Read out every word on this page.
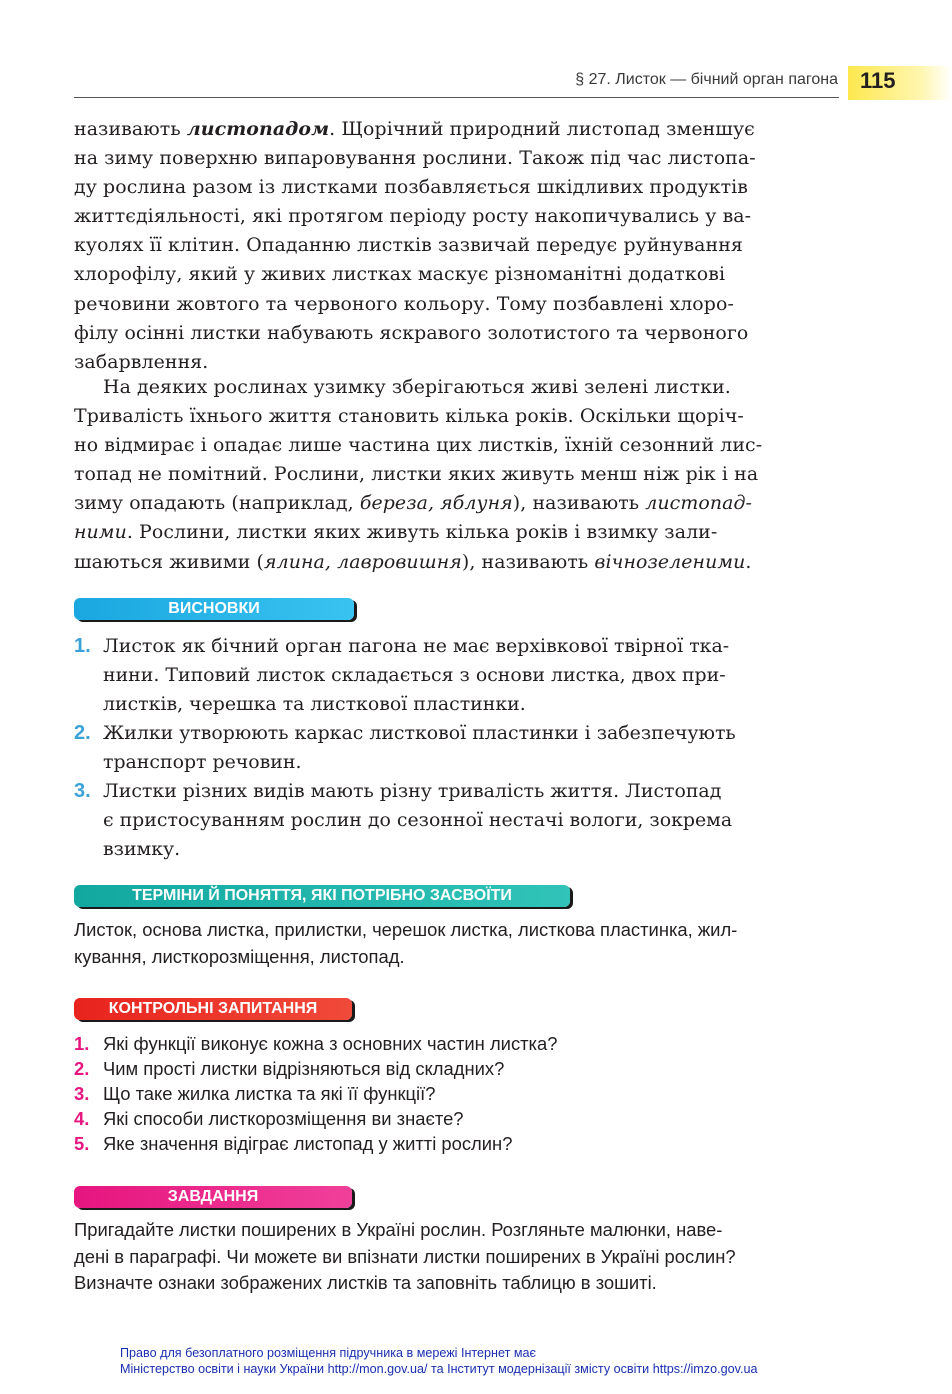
§ 27. Листок — бічний орган пагона 115
називають листопадом. Щорічний природний листопад зменшує
на зиму поверхню випаровування рослини. Також під час листопа-
ду рослина разом із листками позбавляється шкідливих продуктів
життєдіяльності, які протягом періоду росту накопичувались у ва-
куолях її клітин. Опаданню листків зазвичай передує руйнування
хлорофілу, який у живих листках маскує різноманітні додаткові
речовини жовтого та червоного кольору. Тому позбавлені хлоро-
філу осінні листки набувають яскравого золотистого та червоного
забарвлення.
На деяких рослинах узимку зберігаються живі зелені листки.
Тривалість їхнього життя становить кілька років. Оскільки щоріч-
но відмирає і опадає лише частина цих листків, їхній сезонний лис-
топад не помітний. Рослини, листки яких живуть менш ніж рік і на
зиму опадають (наприклад, береза, яблуня), називають листопад-
ними. Рослини, листки яких живуть кілька років і взимку зали-
шаються живими (ялина, лавровишня), називають вічнозеленими.
ВИСНОВКИ
1. Листок як бічний орган пагона не має верхівкової твірної тка-
нини. Типовий листок складається з основи листка, двох при-
листків, черешка та листкової пластинки.
2. Жилки утворюють каркас листкової пластинки і забезпечують
транспорт речовин.
3. Листки різних видів мають різну тривалість життя. Листопад
є пристосуванням рослин до сезонної нестачі вологи, зокрема
взимку.
ТЕРМІНИ Й ПОНЯТТЯ, ЯКІ ПОТРІБНО ЗАСВОЇТИ
Листок, основа листка, прилистки, черешок листка, листкова пластинка, жил-
кування, листкорозміщення, листопад.
КОНТРОЛЬНІ ЗАПИТАННЯ
1. Які функції виконує кожна з основних частин листка?
2. Чим прості листки відрізняються від складних?
3. Що таке жилка листка та які її функції?
4. Які способи листкорозміщення ви знаєте?
5. Яке значення відіграє листопад у житті рослин?
ЗАВДАННЯ
Пригадайте листки поширених в Україні рослин. Розгляньте малюнки, наве-
дені в параграфі. Чи можете ви впізнати листки поширених в Україні рослин?
Визначте ознаки зображених листків та заповніть таблицю в зошиті.
Право для безоплатного розміщення підручника в мережі Інтернет має
Міністерство освіти і науки України http://mon.gov.ua/ та Інститут модернізації змісту освіти https://imzo.gov.ua
